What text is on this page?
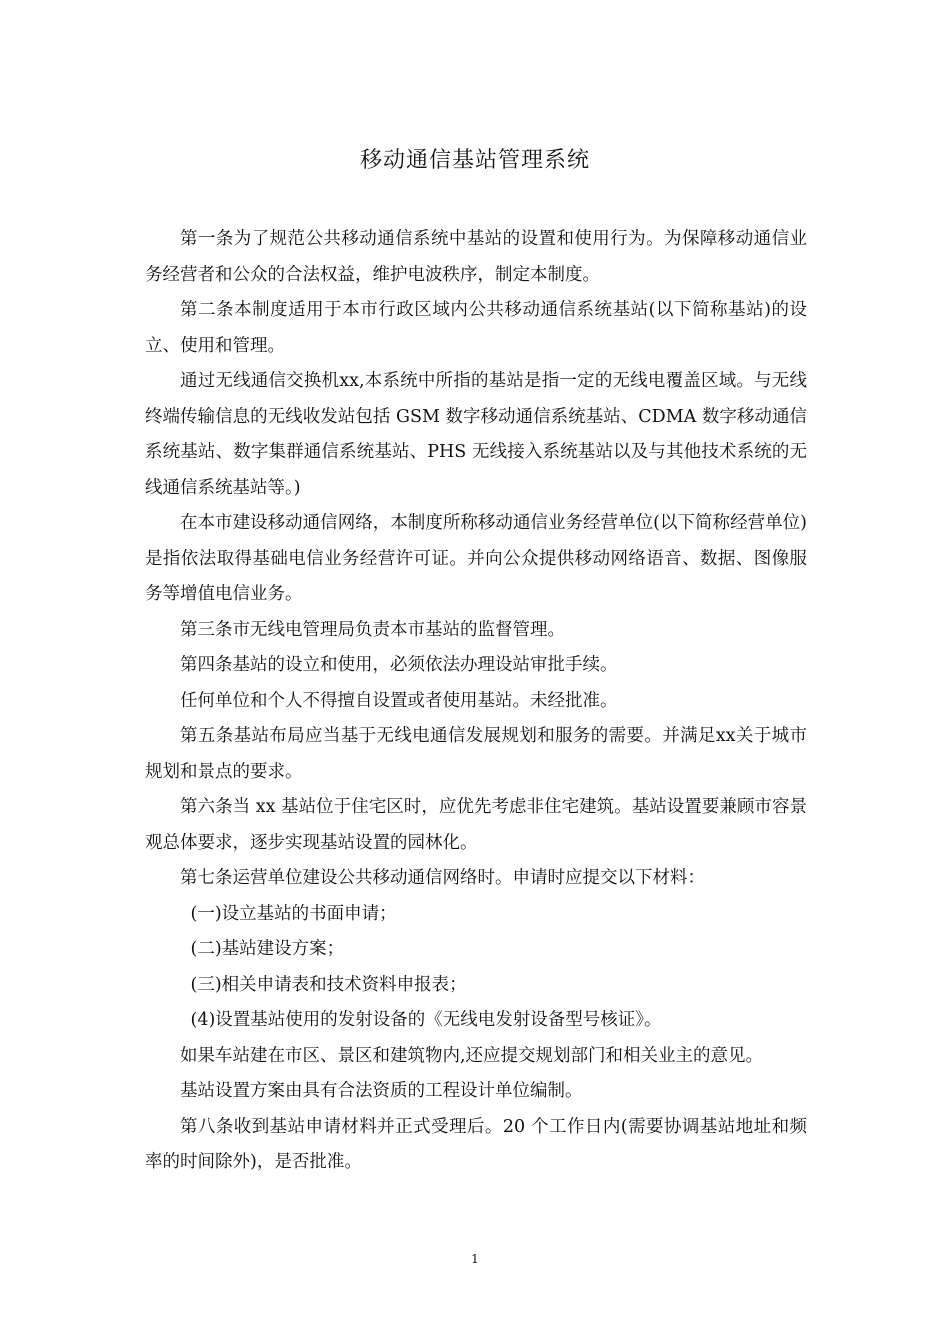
移动通信基站管理系统

第一条为了规范公共移动通信系统中基站的设置和使用行为。为保障移动通信业务经营者和公众的合法权益，维护电波秩序，制定本制度。

第二条本制度适用于本市行政区域内公共移动通信系统基站(以下简称基站)的设立、使用和管理。

通过无线通信交换机xx,本系统中所指的基站是指一定的无线电覆盖区域。与无线终端传输信息的无线收发站包括 GSM 数字移动通信系统基站、CDMA 数字移动通信系统基站、数字集群通信系统基站、PHS 无线接入系统基站以及与其他技术系统的无线通信系统基站等。)

在本市建设移动通信网络，本制度所称移动通信业务经营单位(以下简称经营单位)是指依法取得基础电信业务经营许可证。并向公众提供移动网络语音、数据、图像服务等增值电信业务。

第三条市无线电管理局负责本市基站的监督管理。

第四条基站的设立和使用，必须依法办理设站审批手续。

任何单位和个人不得擅自设置或者使用基站。未经批准。

第五条基站布局应当基于无线电通信发展规划和服务的需要。并满足xx关于城市规划和景点的要求。

第六条当 xx 基站位于住宅区时，应优先考虑非住宅建筑。基站设置要兼顾市容景观总体要求，逐步实现基站设置的园林化。

第七条运营单位建设公共移动通信网络时。申请时应提交以下材料：

(一)设立基站的书面申请；

(二)基站建设方案；

(三)相关申请表和技术资料申报表；

(4)设置基站使用的发射设备的《无线电发射设备型号核证》。

如果车站建在市区、景区和建筑物内,还应提交规划部门和相关业主的意见。

基站设置方案由具有合法资质的工程设计单位编制。

第八条收到基站申请材料并正式受理后。20 个工作日内(需要协调基站地址和频率的时间除外)，是否批准。

1
